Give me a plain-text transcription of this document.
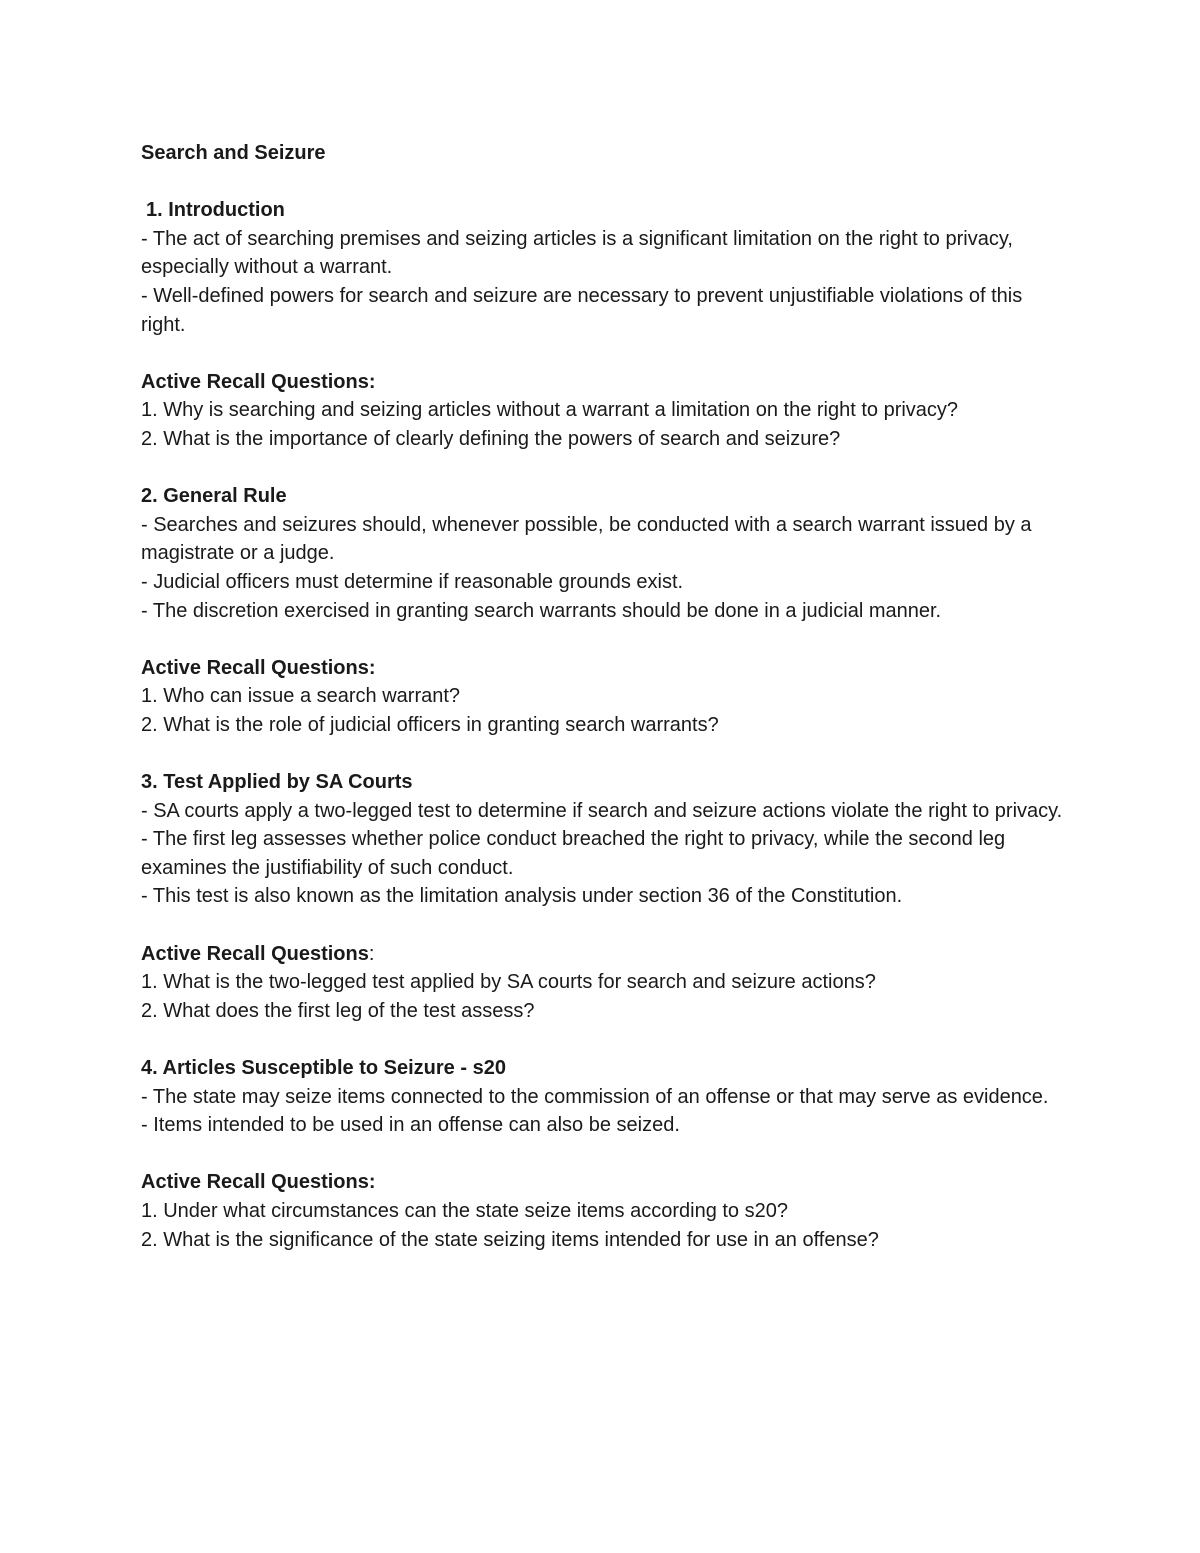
Search and Seizure
1. Introduction
- The act of searching premises and seizing articles is a significant limitation on the right to privacy, especially without a warrant.
- Well-defined powers for search and seizure are necessary to prevent unjustifiable violations of this right.
Active Recall Questions:
1. Why is searching and seizing articles without a warrant a limitation on the right to privacy?
2. What is the importance of clearly defining the powers of search and seizure?
2. General Rule
- Searches and seizures should, whenever possible, be conducted with a search warrant issued by a magistrate or a judge.
- Judicial officers must determine if reasonable grounds exist.
- The discretion exercised in granting search warrants should be done in a judicial manner.
Active Recall Questions:
1. Who can issue a search warrant?
2. What is the role of judicial officers in granting search warrants?
3. Test Applied by SA Courts
- SA courts apply a two-legged test to determine if search and seizure actions violate the right to privacy.
- The first leg assesses whether police conduct breached the right to privacy, while the second leg examines the justifiability of such conduct.
- This test is also known as the limitation analysis under section 36 of the Constitution.
Active Recall Questions:
1. What is the two-legged test applied by SA courts for search and seizure actions?
2. What does the first leg of the test assess?
4. Articles Susceptible to Seizure - s20
- The state may seize items connected to the commission of an offense or that may serve as evidence.
- Items intended to be used in an offense can also be seized.
Active Recall Questions:
1. Under what circumstances can the state seize items according to s20?
2. What is the significance of the state seizing items intended for use in an offense?
